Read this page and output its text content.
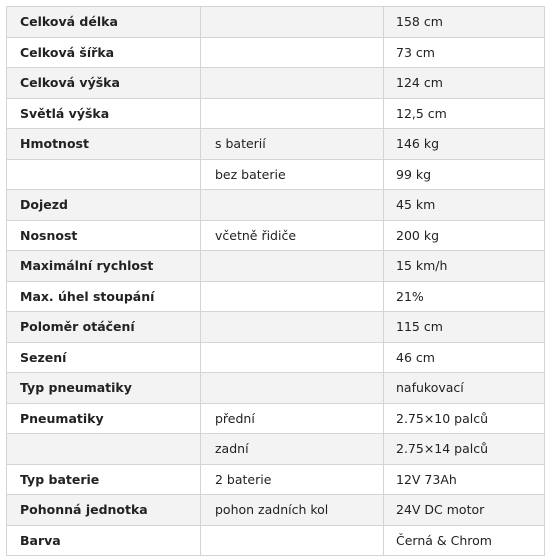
Celková délka		158 cm
Celková šířka		73 cm
Celková výška		124 cm
Světlá výška		12,5 cm
Hmotnost	s baterií	146 kg
	bez baterie	99 kg
Dojezd		45 km
Nosnost	včetně řidiče	200 kg
Maximální rychlost		15 km/h
Max. úhel stoupání		21%
Poloměr otáčení		115 cm
Sezení		46 cm
Typ pneumatiky		nafukovací
Pneumatiky	přední	2.75×10 palců
	zadní	2.75×14 palců
Typ baterie	2 baterie	12V 73Ah
Pohonná jednotka	pohon zadních kol	24V DC motor
Barva		Černá & Chrom
